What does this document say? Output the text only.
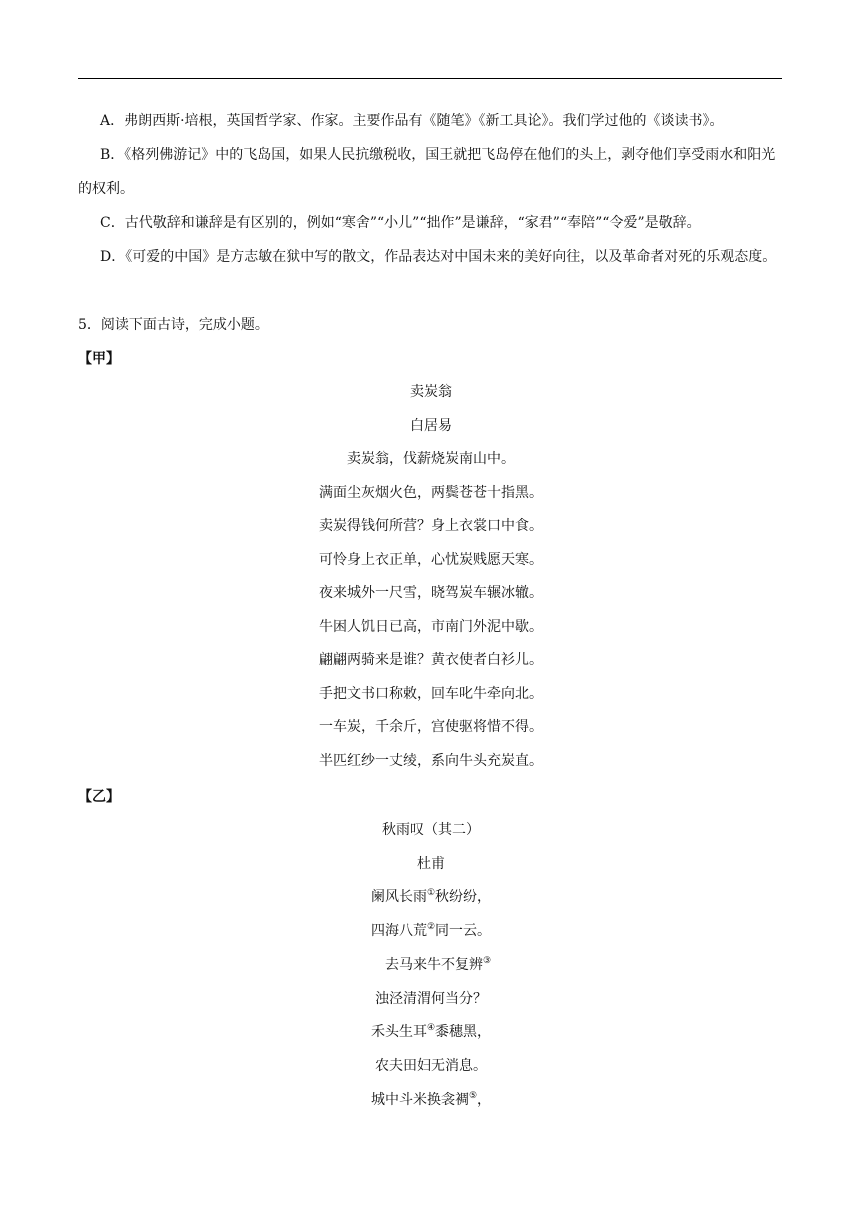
A．弗朗西斯·培根，英国哲学家、作家。主要作品有《随笔》《新工具论》。我们学过他的《谈读书》。

B．《格列佛游记》中的飞岛国，如果人民抗缴税收，国王就把飞岛停在他们的头上，剥夺他们享受雨水和阳光的权利。

C．古代敬辞和谦辞是有区别的，例如“寒舍”“小儿”“拙作”是谦辞，“家君”“奉陪”“令爱”是敬辞。

D．《可爱的中国》是方志敏在狱中写的散文，作品表达对中国未来的美好向往，以及革命者对死的乐观态度。

5．阅读下面古诗，完成小题。

【甲】

卖炭翁

白居易

卖炭翁，伐薪烧炭南山中。

满面尘灰烟火色，两鬓苍苍十指黑。

卖炭得钱何所营？身上衣裳口中食。

可怜身上衣正单，心忧炭贱愿天寒。

夜来城外一尺雪，晓驾炭车辗冰辙。

牛困人饥日已高，市南门外泥中歇。

翩翩两骑来是谁？黄衣使者白衫儿。

手把文书口称敕，回车叱牛牵向北。

一车炭，千余斤，宫使驱将惜不得。

半匹红纱一丈绫，系向牛头充炭直。

【乙】

秋雨叹（其二）

杜甫

阑风长雨①秋纷纷，

四海八荒②同一云。

去马来牛不复辨③

浊泾清渭何当分？

禾头生耳④黍穗黑，

农夫田妇无消息。

城中斗米换衾裯⑤，
